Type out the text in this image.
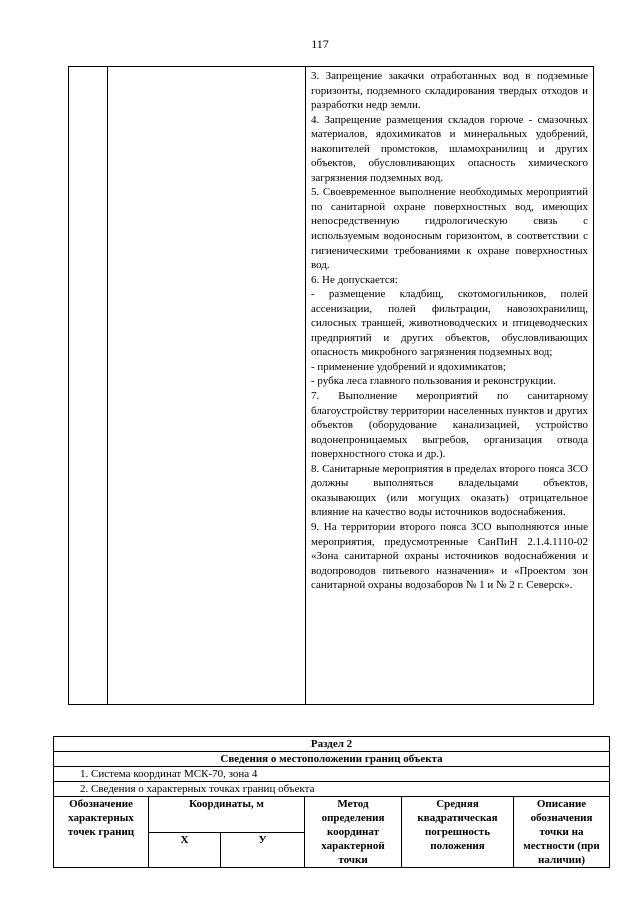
117

3. Запрещение закачки отработанных вод в подземные горизонты, подземного складирования твердых отходов и разработки недр земли.

4. Запрещение размещения складов горюче - смазочных материалов, ядохимикатов и минеральных удобрений, накопителей промстоков, шламохранилищ и других объектов, обусловливающих опасность химического загрязнения подземных вод.

5. Своевременное выполнение необходимых мероприятий по санитарной охране поверхностных вод, имеющих непосредственную гидрологическую связь с используемым водоносным горизонтом, в соответствии с гигиеническими требованиями к охране поверхностных вод.

6. Не допускается:

- размещение кладбищ, скотомогильников, полей ассенизации, полей фильтрации, навозохранилищ, силосных траншей, животноводческих и птицеводческих предприятий и других объектов, обусловливающих опасность микробного загрязнения подземных вод;

- применение удобрений и ядохимикатов;

- рубка леса главного пользования и реконструкции.

7. Выполнение мероприятий по санитарному благоустройству территории населенных пунктов и других объектов (оборудование канализацией, устройство водонепроницаемых выгребов, организация отвода поверхностного стока и др.).

8. Санитарные мероприятия в пределах второго пояса ЗСО должны выполняться владельцами объектов, оказывающих (или могущих оказать) отрицательное влияние на качество воды источников водоснабжения.

9. На территории второго пояса ЗСО выполняются иные мероприятия, предусмотренные СанПиН 2.1.4.1110-02 «Зона санитарной охраны источников водоснабжения и водопроводов питьевого назначения» и «Проектом зон санитарной охраны водозаборов № 1 и № 2 г. Северск».

Раздел 2					
Сведения о местоположении границ объекта					
1. Система координат МСК-70, зона 4					
2. Сведения о характерных точках границ объекта					
Обозначение характерных точек границ	Координаты, м		Метод определения координат характерной точки	Средняя квадратическая погрешность положения	Описание обозначения точки на местности (при наличии)
	X	У			
